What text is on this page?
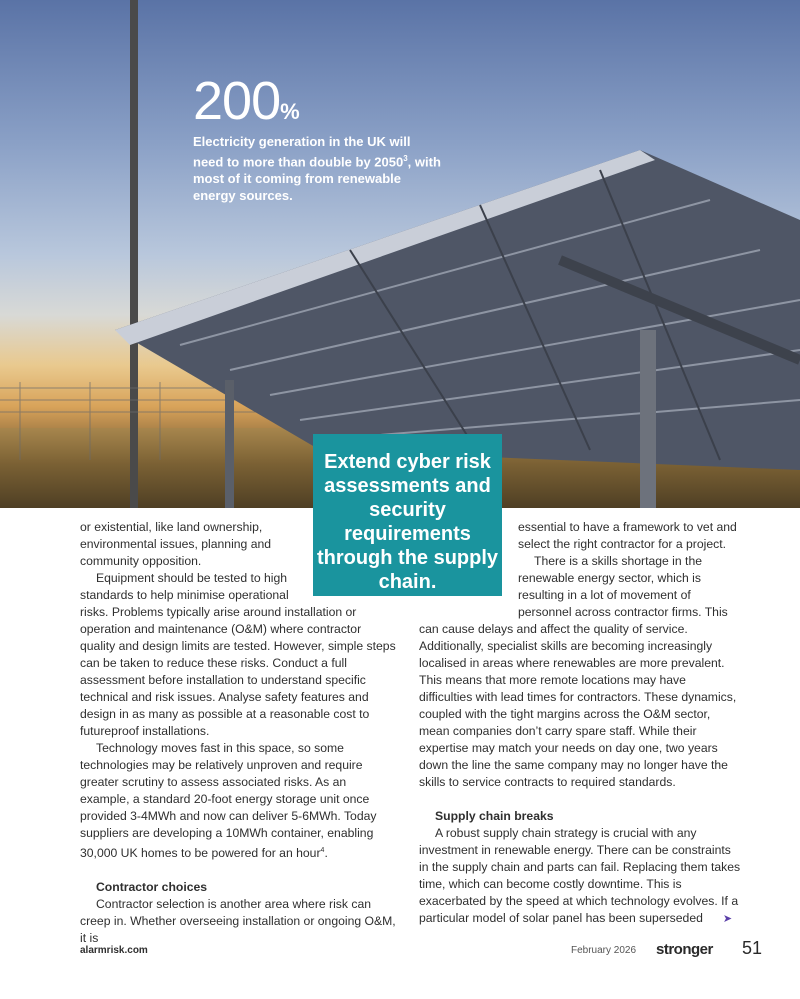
200%
Electricity generation in the UK will need to more than double by 2050$^3$, with most of it coming from renewable energy sources.

or existential, like land ownership, environmental issues, planning and community opposition.

Equipment should be tested to high standards to help minimise operational risks. Problems typically arise around installation or operation and maintenance (O&M) where contractor quality and design limits are tested. However, simple steps can be taken to reduce these risks. Conduct a full assessment before installation to understand specific technical and risk issues. Analyse safety features and design in as many as possible at a reasonable cost to futureproof installations.

Technology moves fast in this space, so some technologies may be relatively unproven and require greater scrutiny to assess associated risks. As an example, a standard 20-foot energy storage unit once provided 3-4MWh and now can deliver 5-6MWh. Today suppliers are developing a 10MWh container, enabling 30,000 UK homes to be powered for an hour$^4$.

Contractor choices

Contractor selection is another area where risk can creep in. Whether overseeing installation or ongoing O&M, it is

Extend cyber risk assessments and security requirements through the supply chain.

essential to have a framework to vet and select the right contractor for a project.

There is a skills shortage in the renewable energy sector, which is resulting in a lot of movement of personnel across contractor firms. This can cause delays and affect the quality of service. Additionally, specialist skills are becoming increasingly localised in areas where renewables are more prevalent. This means that more remote locations may have difficulties with lead times for contractors. These dynamics, coupled with the tight margins across the O&M sector, mean companies don’t carry spare staff. While their expertise may match your needs on day one, two years down the line the same company may no longer have the skills to service contracts to required standards.

Supply chain breaks

A robust supply chain strategy is crucial with any investment in renewable energy. There can be constraints in the supply chain and parts can fail. Replacing them takes time, which can become costly downtime. This is exacerbated by the speed at which technology evolves. If a particular model of solar panel has been superseded ➤

alarmrisk.com	February 2026 stronger 51
